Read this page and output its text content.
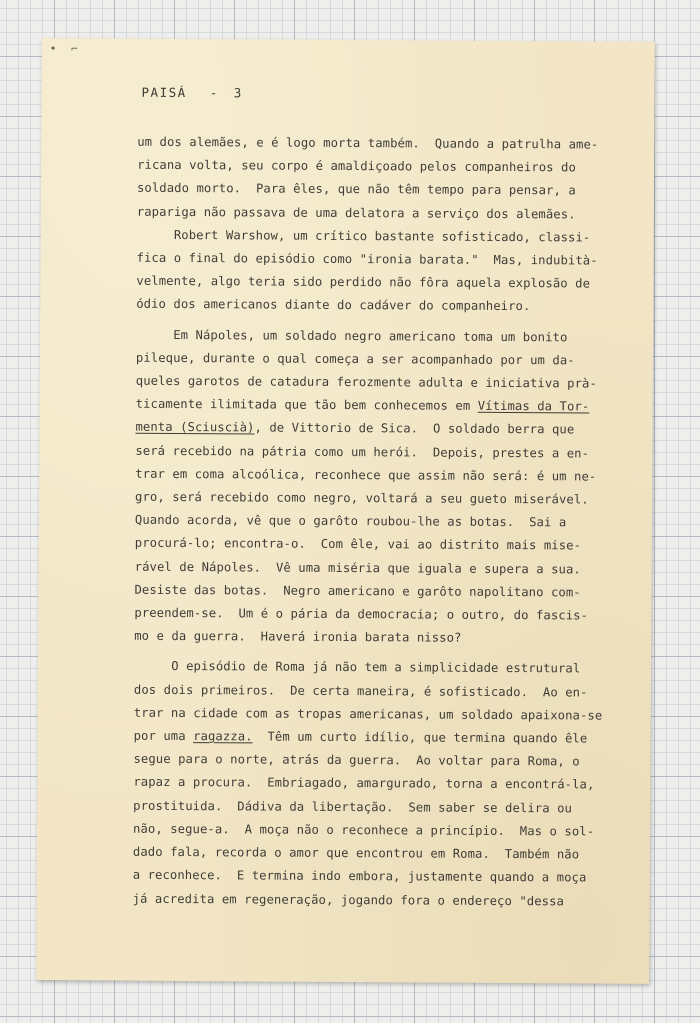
• ⌐
PAISÁ - 3
um dos alemães, e é logo morta também.  Quando a patrulha ame-
ricana volta, seu corpo é amaldiçoado pelos companheiros do
soldado morto.  Para êles, que não têm tempo para pensar, a
rapariga não passava de uma delatora a serviço dos alemães.
Robert Warshow, um crítico bastante sofisticado, classi-
fica o final do episódio como "ironia barata."  Mas, indubità-
velmente, algo teria sido perdido não fôra aquela explosão de
ódio dos americanos diante do cadáver do companheiro.
Em Nápoles, um soldado negro americano toma um bonito
pileque, durante o qual começa a ser acompanhado por um da-
queles garotos de catadura ferozmente adulta e iniciativa prà-
ticamente ilimitada que tão bem conhecemos em Vítimas da Tor-
menta (Sciuscià), de Vittorio de Sica.  O soldado berra que
será recebido na pátria como um herói.  Depois, prestes a en-
trar em coma alcoólica, reconhece que assim não será: é um ne-
gro, será recebido como negro, voltará a seu gueto miserável.
Quando acorda, vê que o garôto roubou-lhe as botas.  Sai a
procurá-lo; encontra-o.  Com êle, vai ao distrito mais mise-
rável de Nápoles.  Vê uma miséria que iguala e supera a sua.
Desiste das botas.  Negro americano e garôto napolitano com-
preendem-se.  Um é o pária da democracia; o outro, do fascis-
mo e da guerra.  Haverá ironia barata nisso?
O episódio de Roma já não tem a simplicidade estrutural
dos dois primeiros.  De certa maneira, é sofisticado.  Ao en-
trar na cidade com as tropas americanas, um soldado apaixona-se
por uma ragazza.  Têm um curto idílio, que termina quando êle
segue para o norte, atrás da guerra.  Ao voltar para Roma, o
rapaz a procura.  Embriagado, amargurado, torna a encontrá-la,
prostituida.  Dádiva da libertação.  Sem saber se delira ou
não, segue-a.  A moça não o reconhece a princípio.  Mas o sol-
dado fala, recorda o amor que encontrou em Roma.  Também não
a reconhece.  E termina indo embora, justamente quando a moça
já acredita em regeneração, jogando fora o endereço "dessa
